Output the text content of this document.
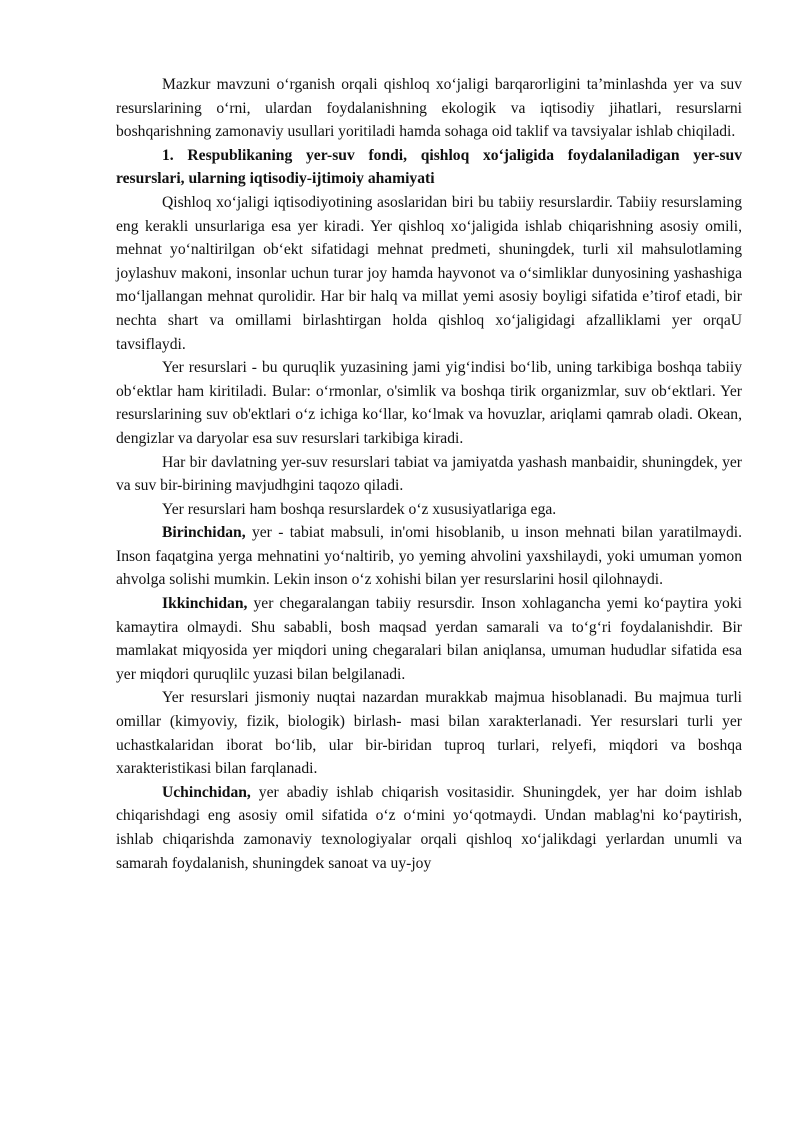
Mazkur mavzuni o‘rganish orqali qishloq xo‘jaligi barqarorligini ta’minlashda yer va suv resurslarining o‘rni, ulardan foydalanishning ekologik va iqtisodiy jihatlari, resurslarni boshqarishning zamonaviy usullari yoritiladi hamda sohaga oid taklif va tavsiyalar ishlab chiqiladi.

1. Respublikaning yer-suv fondi, qishloq xo‘jaligida foydalaniladigan yer-suv resurslari, ularning iqtisodiy-ijtimoiy ahamiyati

Qishloq xo‘jaligi iqtisodiyotining asoslaridan biri bu tabiiy resurslardir. Tabiiy resurslaming eng kerakli unsurlariga esa yer kiradi. Yer qishloq xo‘jaligida ishlab chiqarishning asosiy omili, mehnat yo‘naltirilgan ob‘ekt sifatidagi mehnat predmeti, shuningdek, turli xil mahsulotlaming joylashuv makoni, insonlar uchun turar joy hamda hayvonot va o‘simliklar dunyosining yashashiga mo‘ljallangan mehnat qurolidir. Har bir halq va millat yemi asosiy boyligi sifatida e’tirof etadi, bir nechta shart va omillami birlashtirgan holda qishloq xo‘jaligidagi afzalliklami yer orqaU tavsiflaydi.

Yer resurslari - bu quruqlik yuzasining jami yig‘indisi bo‘lib, uning tarkibiga boshqa tabiiy ob‘ektlar ham kiritiladi. Bular: o‘rmonlar, o'simlik va boshqa tirik organizmlar, suv ob‘ektlari. Yer resurslarining suv ob'ektlari o‘z ichiga ko‘llar, ko‘lmak va hovuzlar, ariqlami qamrab oladi. Okean, dengizlar va daryolar esa suv resurslari tarkibiga kiradi.

Har bir davlatning yer-suv resurslari tabiat va jamiyatda yashash manbaidir, shuningdek, yer va suv bir-birining mavjudhgini taqozo qiladi.

Yer resurslari ham boshqa resurslardek o‘z xususiyatlariga ega.

Birinchidan, yer - tabiat mabsuli, in'omi hisoblanib, u inson mehnati bilan yaratilmaydi. Inson faqatgina yerga mehnatini yo‘naltirib, yo yeming ahvolini yaxshilaydi, yoki umuman yomon ahvolga solishi mumkin. Lekin inson o‘z xohishi bilan yer resurslarini hosil qilohnaydi.

Ikkinchidan, yer chegaralangan tabiiy resursdir. Inson xohlagancha yemi ko‘paytira yoki kamaytira olmaydi. Shu sababli, bosh maqsad yerdan samarali va to‘g‘ri foydalanishdir. Bir mamlakat miqyosida yer miqdori uning chegaralari bilan aniqlansa, umuman hududlar sifatida esa yer miqdori quruqlilc yuzasi bilan belgilanadi.

Yer resurslari jismoniy nuqtai nazardan murakkab majmua hisoblanadi. Bu majmua turli omillar (kimyoviy, fizik, biologik) birlash- masi bilan xarakterlanadi. Yer resurslari turli yer uchastkalaridan iborat bo‘lib, ular bir-biridan tuproq turlari, relyefi, miqdori va boshqa xarakteristikasi bilan farqlanadi.

Uchinchidan, yer abadiy ishlab chiqarish vositasidir. Shuningdek, yer har doim ishlab chiqarishdagi eng asosiy omil sifatida o‘z o‘mini yo‘qotmaydi. Undan mablag'ni ko‘paytirish, ishlab chiqarishda zamonaviy texnologiyalar orqali qishloq xo‘jalikdagi yerlardan unumli va samarah foydalanish, shuningdek sanoat va uy-joy
